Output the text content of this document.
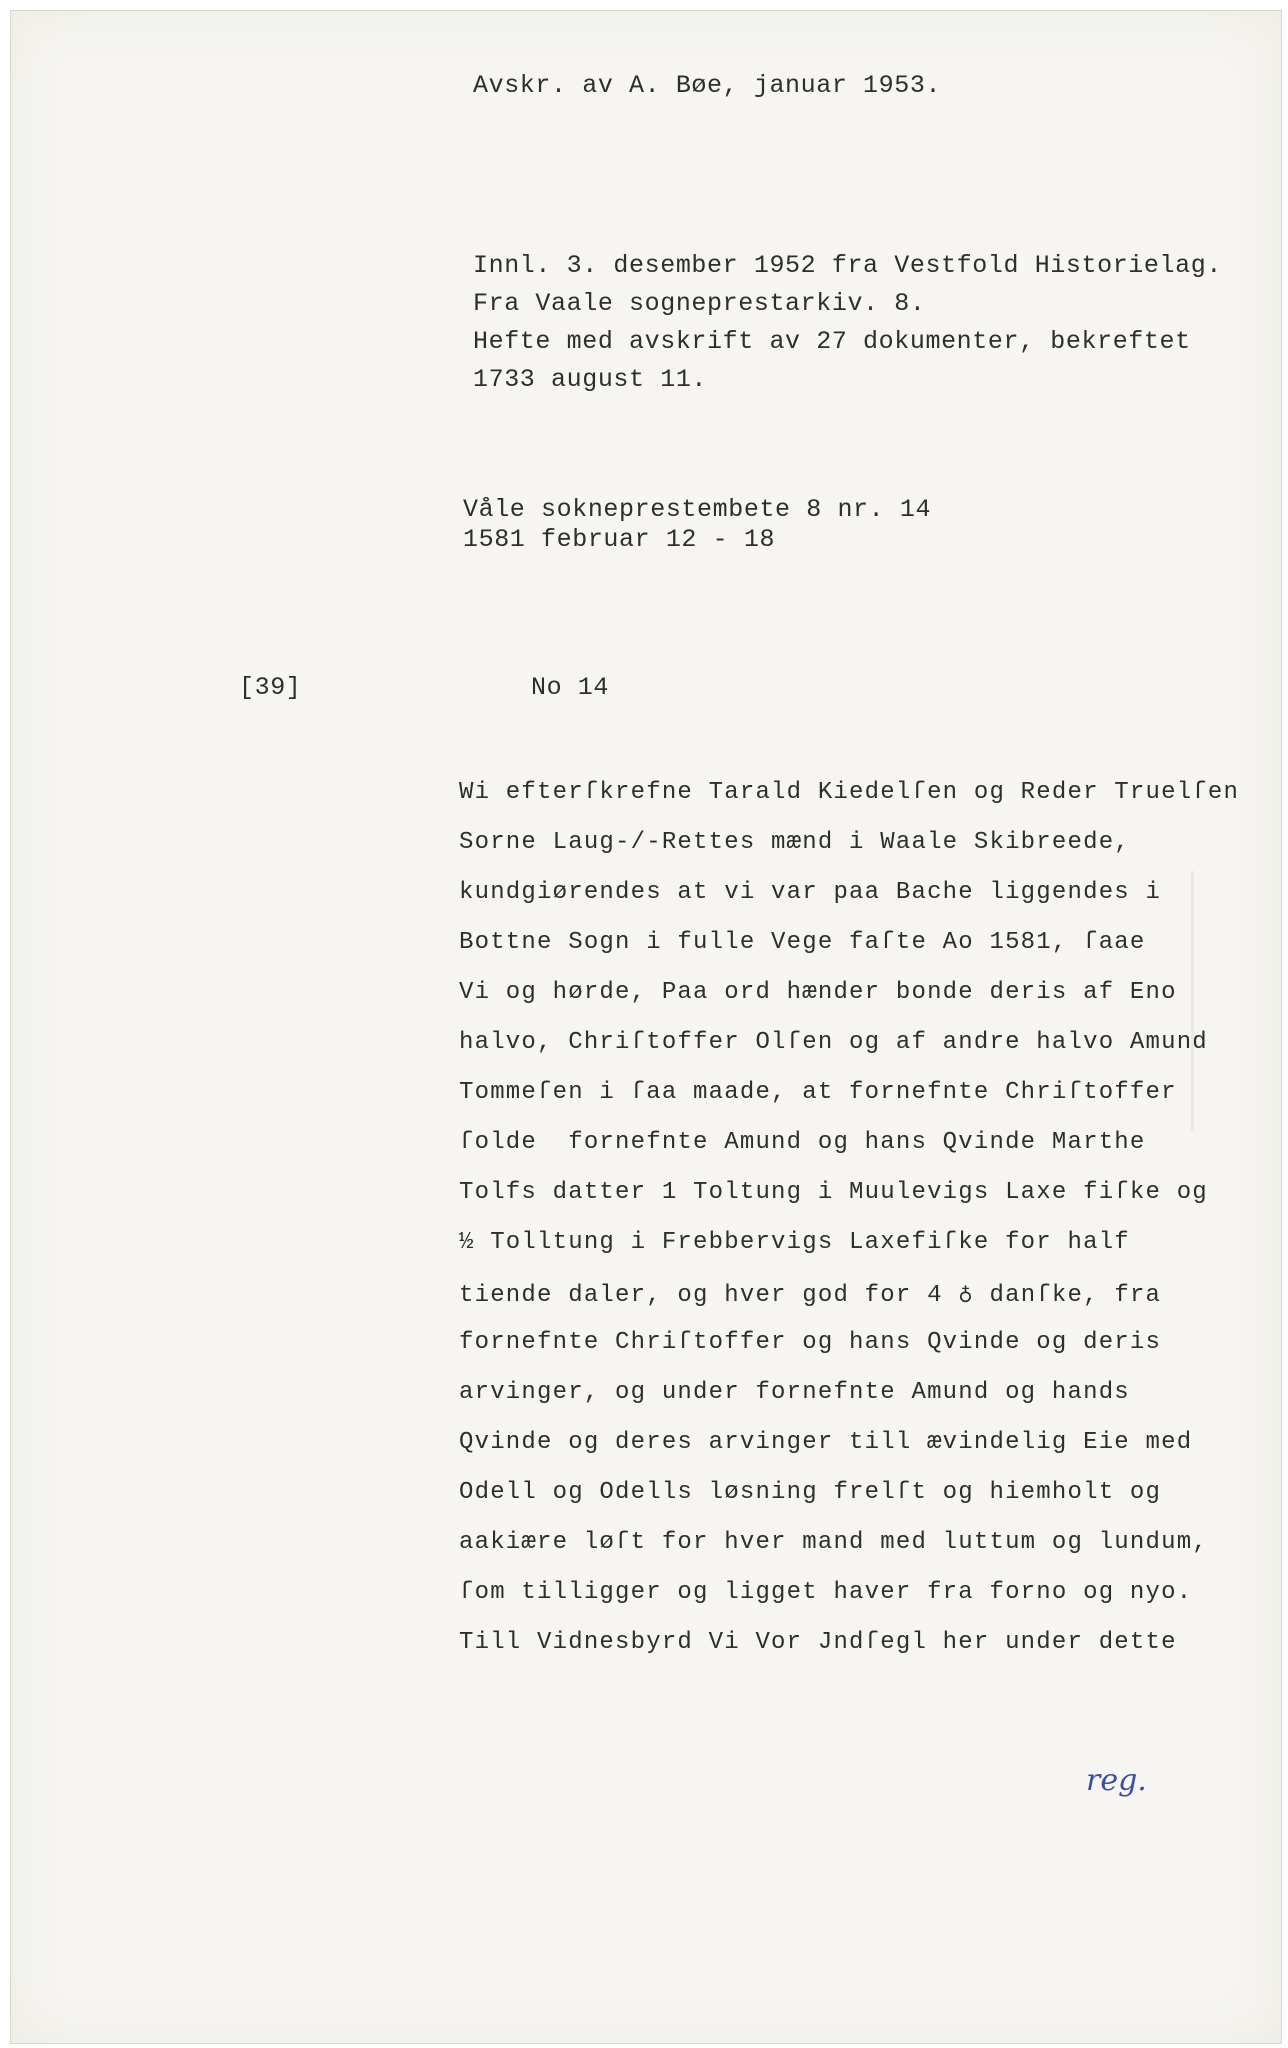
Avskr. av A. Bøe, januar 1953.
Innl. 3. desember 1952 fra Vestfold Historielag.
Fra Vaale sogneprestarkiv. 8.
Hefte med avskrift av 27 dokumenter, bekreftet
1733 august 11.
Våle sokneprestembete 8 nr. 14
1581 februar 12 - 18
[39]	No 14
Wi efterſkrefne Tarald Kiedelſen og Reder Truelſen
Sorne Laug-/-Rettes mænd i Waale Skibreede,
kundgiørendes at vi var paa Bache liggendes i
Bottne Sogn i fulle Vege faſte Ao 1581, ſaae
Vi og hørde, Paa ord hænder bonde deris af Eno
halvo, Chriſtoffer Olſen og af andre halvo Amund
Tommeſen i ſaa maade, at fornefnte Chriſtoffer
ſolde  fornefnte Amund og hans Qvinde Marthe
Tolfs datter 1 Toltung i Muulevigs Laxe fiſke og
½ Tolltung i Frebbervigs Laxefiſke for half
tiende daler, og hver god for 4 ♁ danſke, fra
fornefnte Chriſtoffer og hans Qvinde og deris
arvinger, og under fornefnte Amund og hands
Qvinde og deres arvinger till ævindelig Eie med
Odell og Odells løsning frelſt og hiemholt og
aakiære løſt for hver mand med luttum og lundum,
ſom tilligger og ligget haver fra forno og nyo.
Till Vidnesbyrd Vi Vor Jndſegl her under dette
reg.
